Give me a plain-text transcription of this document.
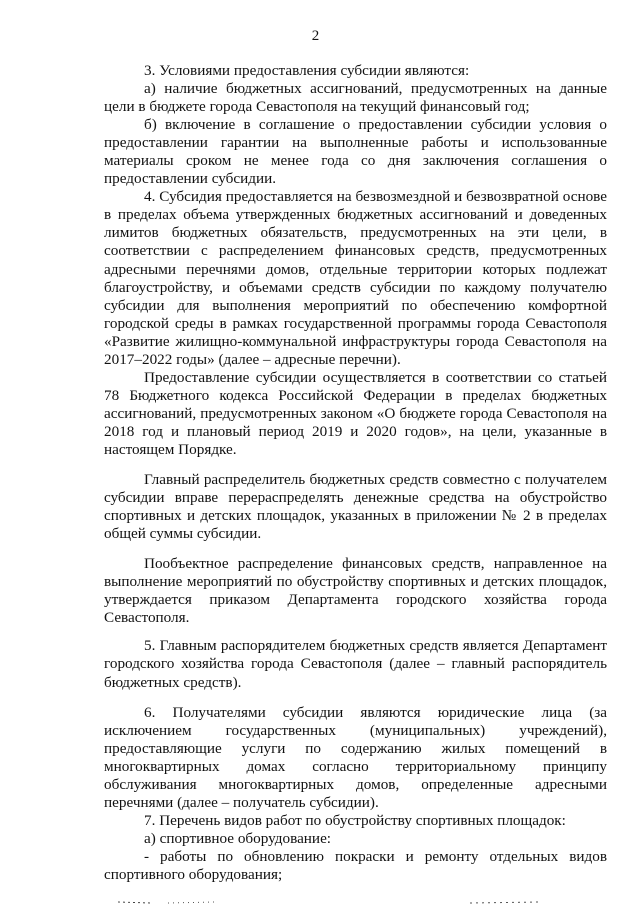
2

3. Условиями предоставления субсидии являются:

а) наличие бюджетных ассигнований, предусмотренных на данные цели в бюджете города Севастополя на текущий финансовый год;

б) включение в соглашение о предоставлении субсидии условия о предоставлении гарантии на выполненные работы и использованные материалы сроком не менее года со дня заключения соглашения о предоставлении субсидии.

4. Субсидия предоставляется на безвозмездной и безвозвратной основе в пределах объема утвержденных бюджетных ассигнований и доведенных лимитов бюджетных обязательств, предусмотренных на эти цели, в соответствии с распределением финансовых средств, предусмотренных адресными перечнями домов, отдельные территории которых подлежат благоустройству, и объемами средств субсидии по каждому получателю субсидии для выполнения мероприятий по обеспечению комфортной городской среды в рамках государственной программы города Севастополя «Развитие жилищно-коммунальной инфраструктуры города Севастополя на 2017–2022 годы» (далее – адресные перечни).

Предоставление субсидии осуществляется в соответствии со статьей 78 Бюджетного кодекса Российской Федерации в пределах бюджетных ассигнований, предусмотренных законом «О бюджете города Севастополя на 2018 год и плановый период 2019 и 2020 годов», на цели, указанные в настоящем Порядке.

Главный распределитель бюджетных средств совместно с получателем субсидии вправе перераспределять денежные средства на обустройство спортивных и детских площадок, указанных в приложении № 2 в пределах общей суммы субсидии.

Пообъектное распределение финансовых средств, направленное на выполнение мероприятий по обустройству спортивных и детских площадок, утверждается приказом Департамента городского хозяйства города Севастополя.

5. Главным распорядителем бюджетных средств является Департамент городского хозяйства города Севастополя (далее – главный распорядитель бюджетных средств).

6. Получателями субсидии являются юридические лица (за исключением государственных (муниципальных) учреждений), предоставляющие услуги по содержанию жилых помещений в многоквартирных домах согласно территориальному принципу обслуживания многоквартирных домов, определенные адресными перечнями (далее – получатель субсидии).

7. Перечень видов работ по обустройству спортивных площадок:

а) спортивное оборудование:

- работы по обновлению покраски и ремонту отдельных видов спортивного оборудования;
